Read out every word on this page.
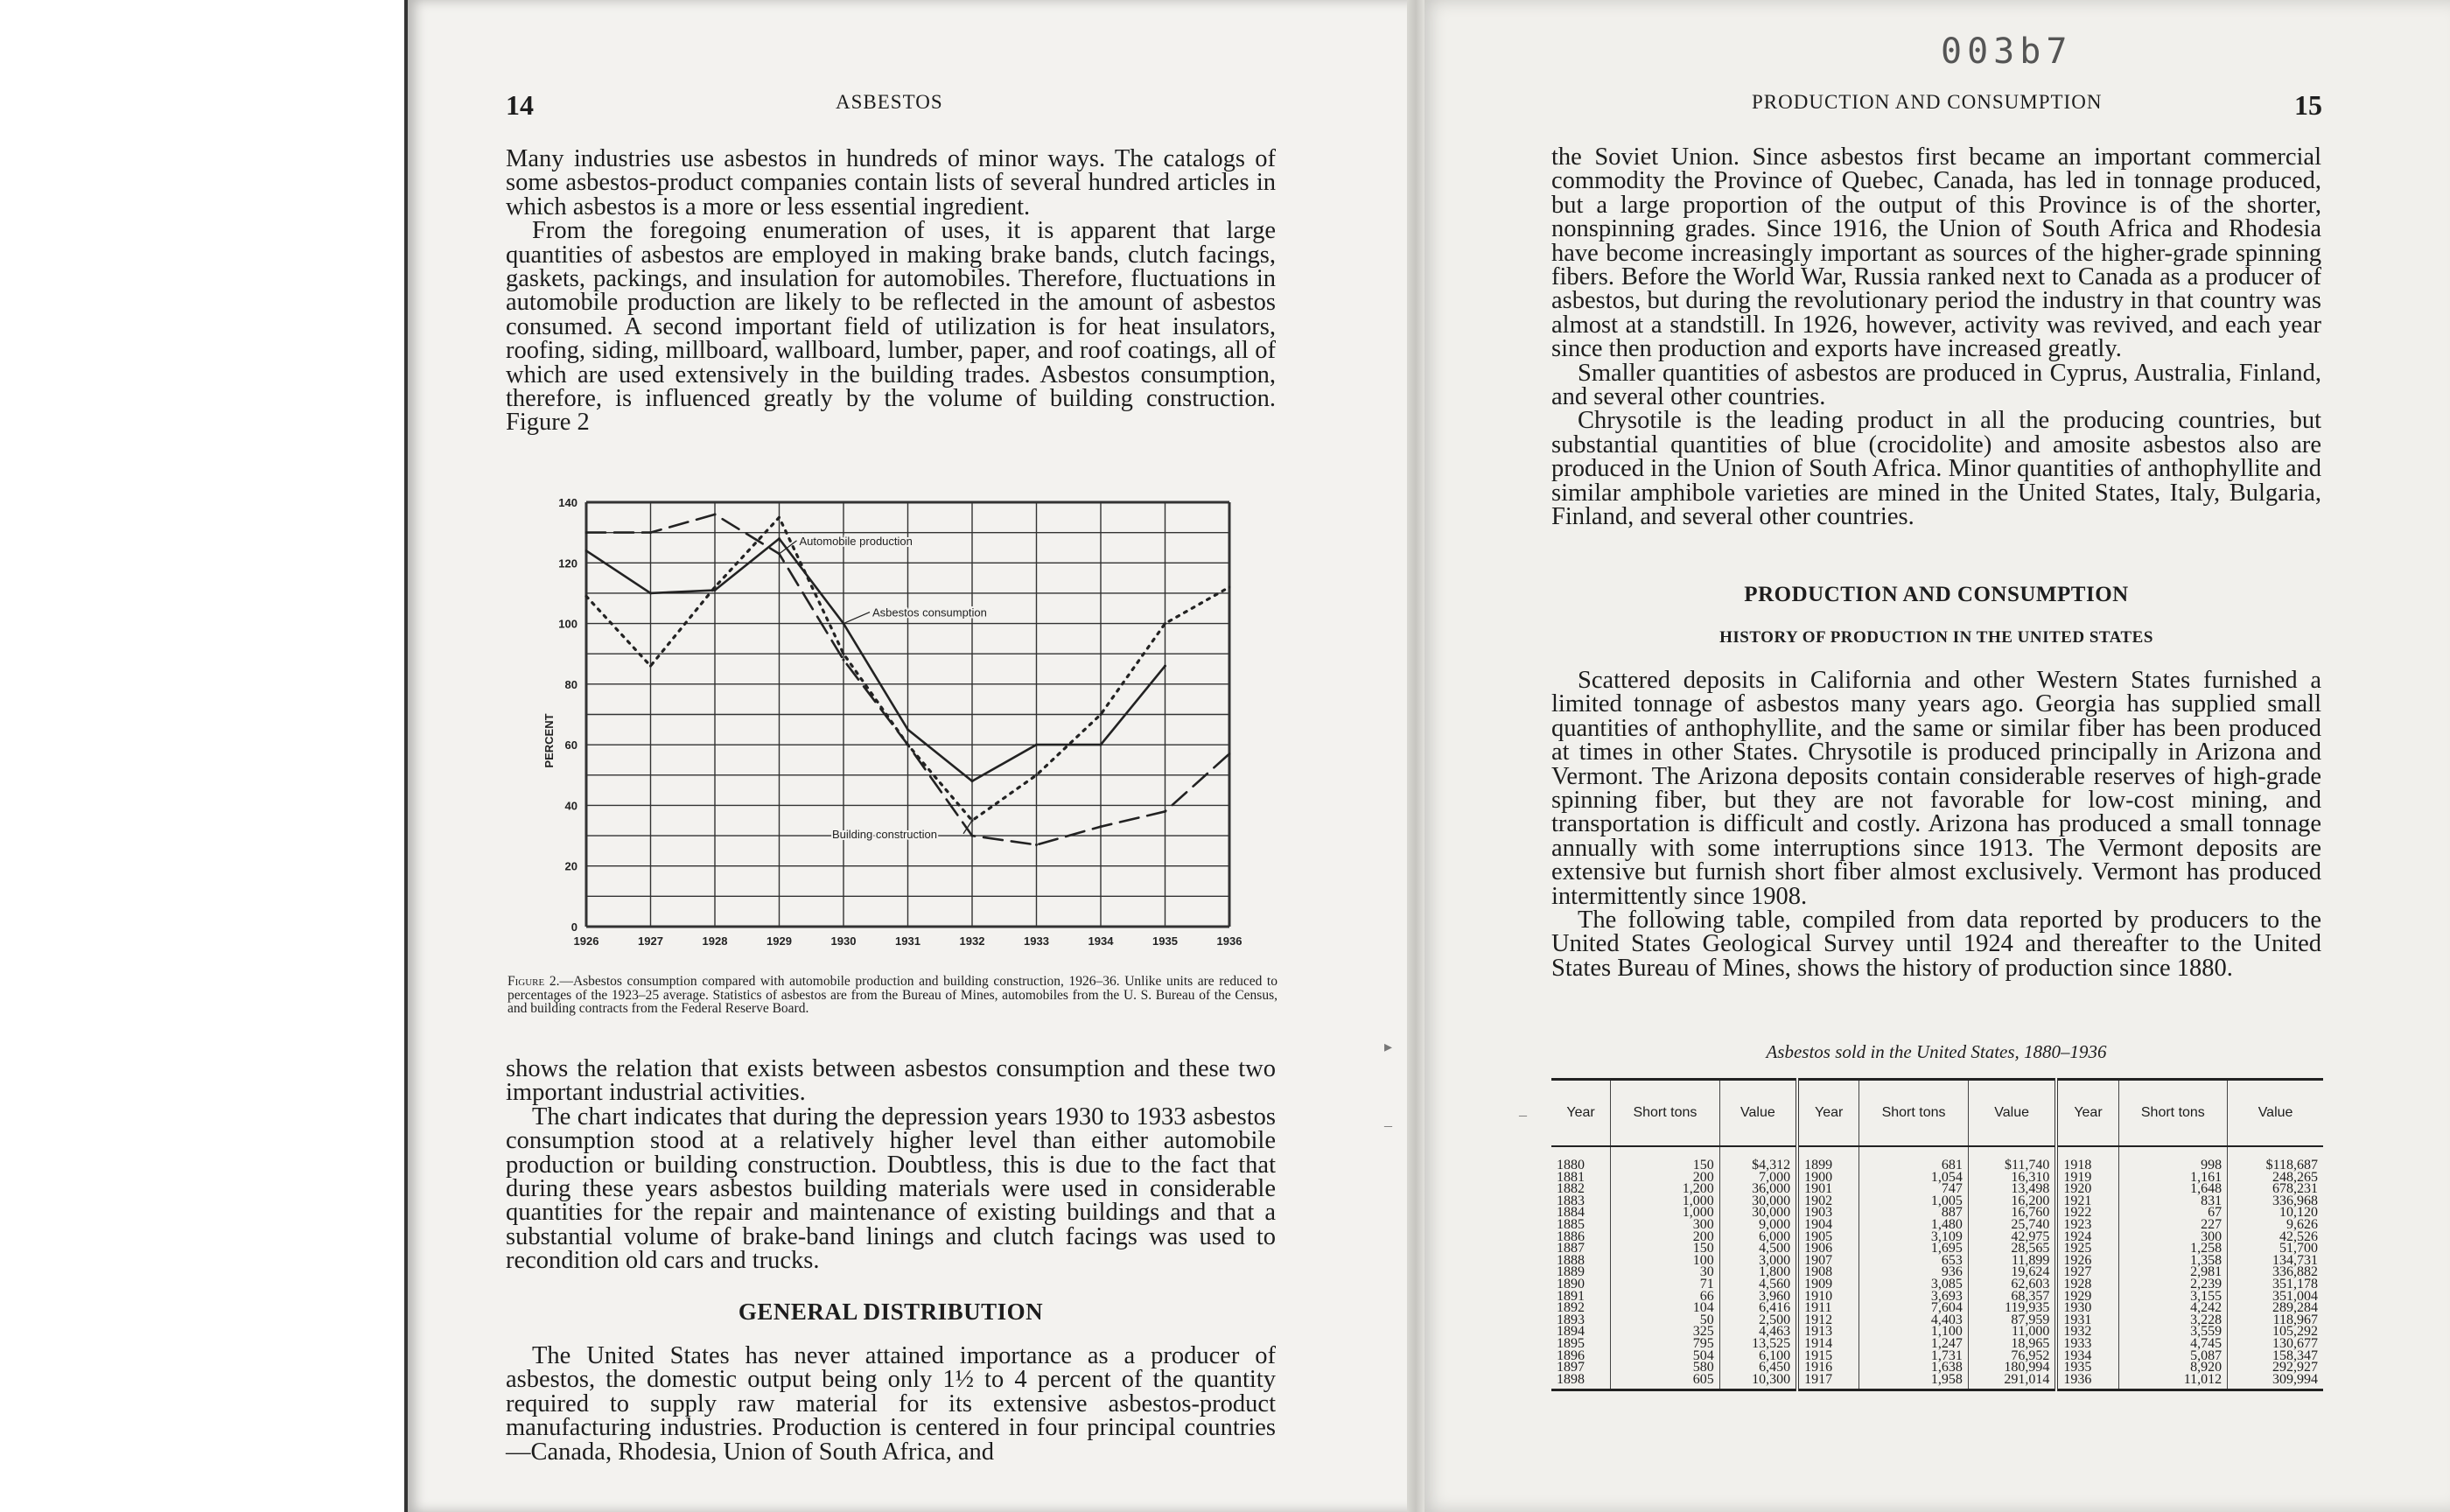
14	ASBESTOS

Many industries use asbestos in hundreds of minor ways. The catalogs of some asbestos-product companies contain lists of several hundred articles in which asbestos is a more or less essential ingredient.

From the foregoing enumeration of uses, it is apparent that large quantities of asbestos are employed in making brake bands, clutch facings, gaskets, packings, and insulation for automobiles. Therefore, fluctuations in automobile production are likely to be reflected in the amount of asbestos consumed. A second important field of utilization is for heat insulators, roofing, siding, millboard, wallboard, lumber, paper, and roof coatings, all of which are used extensively in the building trades. Asbestos consumption, therefore, is influenced greatly by the volume of building construction. Figure 2

0
20
40
60
80
100
120
140
1926	1927	1928	1929	1930	1931	1932	1933	1934	1935	1936
PERCENT
Automobile production
Asbestos consumption
Building construction
Figure 2.—Asbestos consumption compared with automobile production and building construction, 1926–36. Unlike units are reduced to percentages of the 1923–25 average. Statistics of asbestos are from the Bureau of Mines, automobiles from the U. S. Bureau of the Census, and building contracts from the Federal Reserve Board.

shows the relation that exists between asbestos consumption and these two important industrial activities.

The chart indicates that during the depression years 1930 to 1933 asbestos consumption stood at a relatively higher level than either automobile production or building construction. Doubtless, this is due to the fact that during these years asbestos building materials were used in considerable quantities for the repair and maintenance of existing buildings and that a substantial volume of brake-band linings and clutch facings was used to recondition old cars and trucks.

GENERAL DISTRIBUTION

The United States has never attained importance as a producer of asbestos, the domestic output being only 1½ to 4 percent of the quantity required to supply raw material for its extensive asbestos-product manufacturing industries. Production is centered in four principal countries—Canada, Rhodesia, Union of South Africa, and

003b7
PRODUCTION AND CONSUMPTION	15

the Soviet Union. Since asbestos first became an important commercial commodity the Province of Quebec, Canada, has led in tonnage produced, but a large proportion of the output of this Province is of the shorter, nonspinning grades. Since 1916, the Union of South Africa and Rhodesia have become increasingly important as sources of the higher-grade spinning fibers. Before the World War, Russia ranked next to Canada as a producer of asbestos, but during the revolutionary period the industry in that country was almost at a standstill. In 1926, however, activity was revived, and each year since then production and exports have increased greatly.

Smaller quantities of asbestos are produced in Cyprus, Australia, Finland, and several other countries.

Chrysotile is the leading product in all the producing countries, but substantial quantities of blue (crocidolite) and amosite asbestos also are produced in the Union of South Africa. Minor quantities of anthophyllite and similar amphibole varieties are mined in the United States, Italy, Bulgaria, Finland, and several other countries.

PRODUCTION AND CONSUMPTION
HISTORY OF PRODUCTION IN THE UNITED STATES

Scattered deposits in California and other Western States furnished a limited tonnage of asbestos many years ago. Georgia has supplied small quantities of anthophyllite, and the same or similar fiber has been produced at times in other States. Chrysotile is produced principally in Arizona and Vermont. The Arizona deposits contain considerable reserves of high-grade spinning fiber, but they are not favorable for low-cost mining, and transportation is difficult and costly. Arizona has produced a small tonnage annually with some interruptions since 1913. The Vermont deposits are extensive but furnish short fiber almost exclusively. Vermont has produced intermittently since 1908.

The following table, compiled from data reported by producers to the United States Geological Survey until 1924 and thereafter to the United States Bureau of Mines, shows the history of production since 1880.

Asbestos sold in the United States, 1880–1936
Year	Short tons	Value	Year	Short tons	Value	Year	Short tons	Value

1880	150	$4,312	1899	681	$11,740	1918	998	$118,687
1881	200	7,000	1900	1,054	16,310	1919	1,161	248,265
1882	1,200	36,000	1901	747	13,498	1920	1,648	678,231
1883	1,000	30,000	1902	1,005	16,200	1921	831	336,968
1884	1,000	30,000	1903	887	16,760	1922	67	10,120
1885	300	9,000	1904	1,480	25,740	1923	227	9,626
1886	200	6,000	1905	3,109	42,975	1924	300	42,526
1887	150	4,500	1906	1,695	28,565	1925	1,258	51,700
1888	100	3,000	1907	653	11,899	1926	1,358	134,731
1889	30	1,800	1908	936	19,624	1927	2,981	336,882
1890	71	4,560	1909	3,085	62,603	1928	2,239	351,178
1891	66	3,960	1910	3,693	68,357	1929	3,155	351,004
1892	104	6,416	1911	7,604	119,935	1930	4,242	289,284
1893	50	2,500	1912	4,403	87,959	1931	3,228	118,967
1894	325	4,463	1913	1,100	11,000	1932	3,559	105,292
1895	795	13,525	1914	1,247	18,965	1933	4,745	130,677
1896	504	6,100	1915	1,731	76,952	1934	5,087	158,347
1897	580	6,450	1916	1,638	180,994	1935	8,920	292,927
1898	605	10,300	1917	1,958	291,014	1936	11,012	309,994
▸
–
–
